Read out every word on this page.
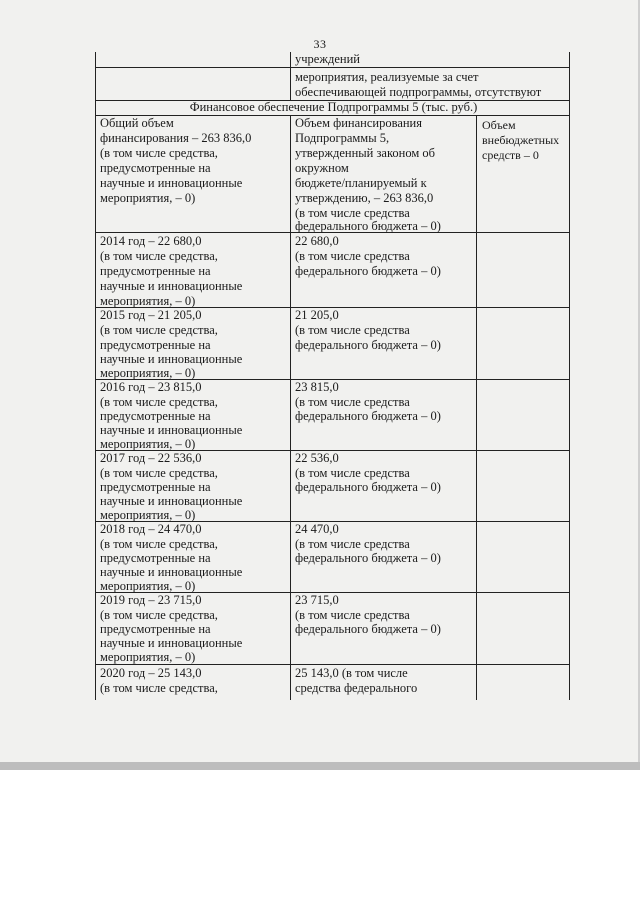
33
учреждений
мероприятия, реализуемые за счет
обеспечивающей подпрограммы, отсутствуют
Финансовое обеспечение Подпрограммы 5 (тыс. руб.)
Общий объем
финансирования – 263 836,0
(в том числе средства,
предусмотренные на
научные и инновационные
мероприятия, – 0)
Объем финансирования
Подпрограммы 5,
утвержденный законом об
окружном
бюджете/планируемый к
утверждению, – 263 836,0
(в том числе средства
федерального бюджета – 0)
Объем
внебюджетных
средств – 0
2014 год – 22 680,0
(в том числе средства,
предусмотренные на
научные и инновационные
мероприятия, – 0)
22 680,0
(в том числе средства
федерального бюджета – 0)
2015 год – 21 205,0
(в том числе средства,
предусмотренные на
научные и инновационные
мероприятия, – 0)
21 205,0
(в том числе средства
федерального бюджета – 0)
2016 год – 23 815,0
(в том числе средства,
предусмотренные на
научные и инновационные
мероприятия, – 0)
23 815,0
(в том числе средства
федерального бюджета – 0)
2017 год – 22 536,0
(в том числе средства,
предусмотренные на
научные и инновационные
мероприятия, – 0)
22 536,0
(в том числе средства
федерального бюджета – 0)
2018 год – 24 470,0
(в том числе средства,
предусмотренные на
научные и инновационные
мероприятия, – 0)
24 470,0
(в том числе средства
федерального бюджета – 0)
2019 год – 23 715,0
(в том числе средства,
предусмотренные на
научные и инновационные
мероприятия, – 0)
23 715,0
(в том числе средства
федерального бюджета – 0)
2020 год – 25 143,0
(в том числе средства,
25 143,0 (в том числе
средства федерального
